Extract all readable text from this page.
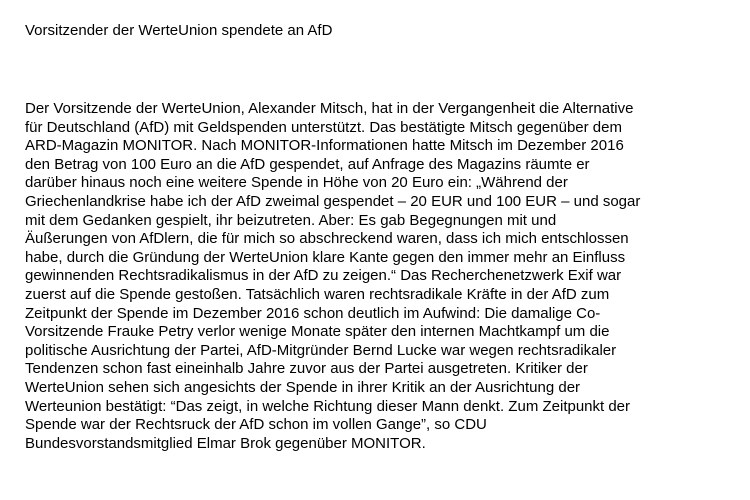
Vorsitzender der WerteUnion spendete an AfD
Der Vorsitzende der WerteUnion, Alexander Mitsch, hat in der Vergangenheit die Alternative
für Deutschland (AfD) mit Geldspenden unterstützt. Das bestätigte Mitsch gegenüber dem
ARD-Magazin MONITOR. Nach MONITOR-Informationen hatte Mitsch im Dezember 2016
den Betrag von 100 Euro an die AfD gespendet, auf Anfrage des Magazins räumte er
darüber hinaus noch eine weitere Spende in Höhe von 20 Euro ein: „Während der
Griechenlandkrise habe ich der AfD zweimal gespendet – 20 EUR und 100 EUR – und sogar
mit dem Gedanken gespielt, ihr beizutreten. Aber: Es gab Begegnungen mit und
Äußerungen von AfDlern, die für mich so abschreckend waren, dass ich mich entschlossen
habe, durch die Gründung der WerteUnion klare Kante gegen den immer mehr an Einfluss
gewinnenden Rechtsradikalismus in der AfD zu zeigen.“ Das Recherchenetzwerk Exif war
zuerst auf die Spende gestoßen. Tatsächlich waren rechtsradikale Kräfte in der AfD zum
Zeitpunkt der Spende im Dezember 2016 schon deutlich im Aufwind: Die damalige Co-
Vorsitzende Frauke Petry verlor wenige Monate später den internen Machtkampf um die
politische Ausrichtung der Partei, AfD-Mitgründer Bernd Lucke war wegen rechtsradikaler
Tendenzen schon fast eineinhalb Jahre zuvor aus der Partei ausgetreten. Kritiker der
WerteUnion sehen sich angesichts der Spende in ihrer Kritik an der Ausrichtung der
Werteunion bestätigt: “Das zeigt, in welche Richtung dieser Mann denkt. Zum Zeitpunkt der
Spende war der Rechtsruck der AfD schon im vollen Gange”, so CDU
Bundesvorstandsmitglied Elmar Brok gegenüber MONITOR.
